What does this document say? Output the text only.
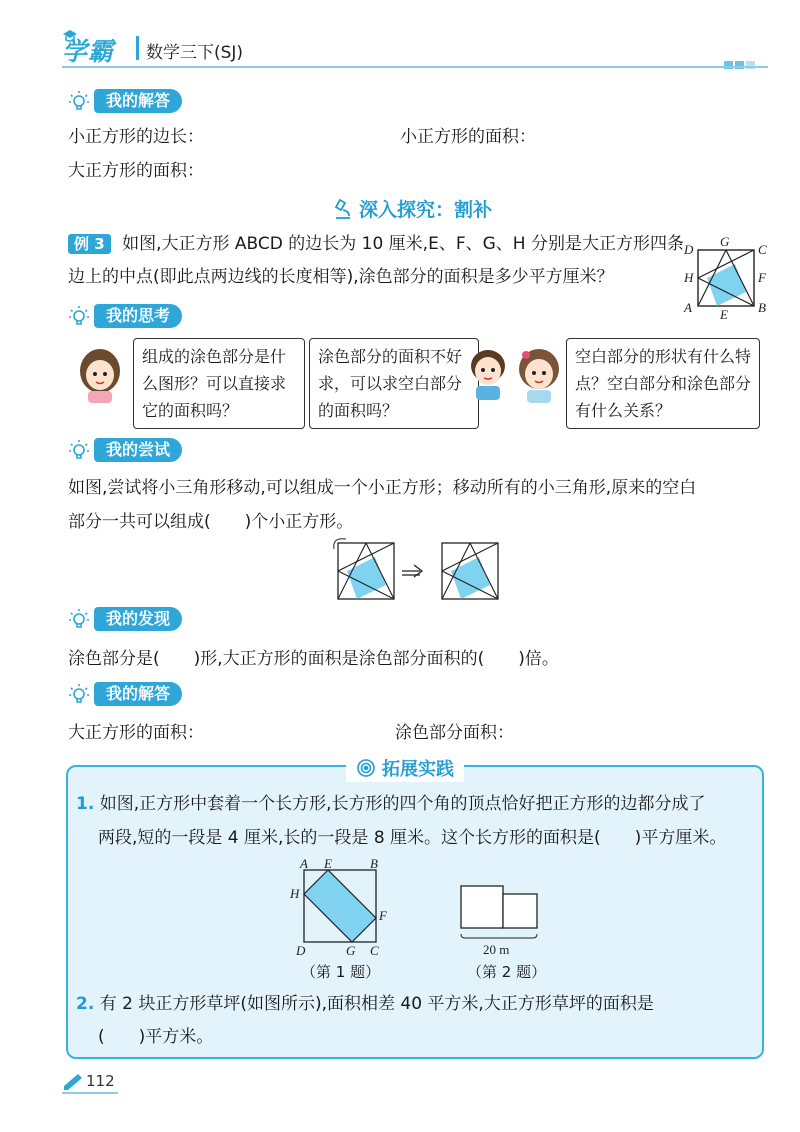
学霸 数学三下(SJ)
我的解答
小正方形的边长：	小正方形的面积：
大正方形的面积：
深入探究：割补
例 3 如图,大正方形 ABCD 的边长为 10 厘米,E、F、G、H 分别是大正方形四条
边上的中点(即此点两边线的长度相等),涂色部分的面积是多少平方厘米？
D
G
C
H	F
A E B
我的思考
组成的涂色部分是什么图形？可以直接求它的面积吗？
涂色部分的面积不好求，可以求空白部分的面积吗？
空白部分的形状有什么特点？空白部分和涂色部分有什么关系？
我的尝试
如图,尝试将小三角形移动,可以组成一个小正方形；移动所有的小三角形,原来的空白
部分一共可以组成(　　)个小正方形。
我的发现
涂色部分是(　　)形,大正方形的面积是涂色部分面积的(　　)倍。
我的解答
大正方形的面积：	涂色部分面积：
拓展实践
1. 如图,正方形中套着一个长方形,长方形的四个角的顶点恰好把正方形的边都分成了
两段,短的一段是 4 厘米,长的一段是 8 厘米。这个长方形的面积是(　　)平方厘米。
A E	B
H
F
D	G C
（第 1 题）
20 m
（第 2 题）
2. 有 2 块正方形草坪(如图所示),面积相差 40 平方米,大正方形草坪的面积是
(　　)平方米。
112
